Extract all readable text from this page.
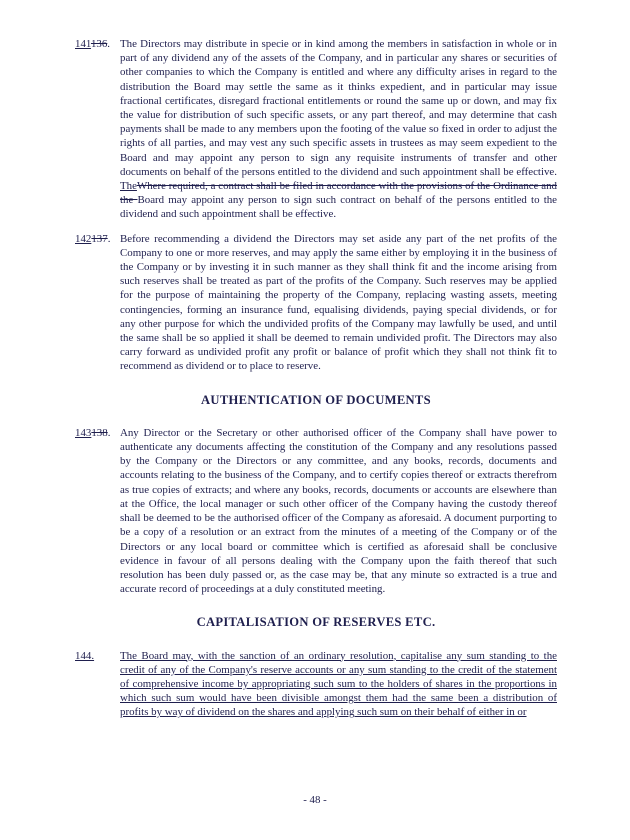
141136. The Directors may distribute in specie or in kind among the members in satisfaction in whole or in part of any dividend any of the assets of the Company, and in particular any shares or securities of other companies to which the Company is entitled and where any difficulty arises in regard to the distribution the Board may settle the same as it thinks expedient, and in particular may issue fractional certificates, disregard fractional entitlements or round the same up or down, and may fix the value for distribution of such specific assets, or any part thereof, and may determine that cash payments shall be made to any members upon the footing of the value so fixed in order to adjust the rights of all parties, and may vest any such specific assets in trustees as may seem expedient to the Board and may appoint any person to sign any requisite instruments of transfer and other documents on behalf of the persons entitled to the dividend and such appointment shall be effective. TheWhere required, a contract shall be filed in accordance with the provisions of the Ordinance and the Board may appoint any person to sign such contract on behalf of the persons entitled to the dividend and such appointment shall be effective.
142137. Before recommending a dividend the Directors may set aside any part of the net profits of the Company to one or more reserves, and may apply the same either by employing it in the business of the Company or by investing it in such manner as they shall think fit and the income arising from such reserves shall be treated as part of the profits of the Company. Such reserves may be applied for the purpose of maintaining the property of the Company, replacing wasting assets, meeting contingencies, forming an insurance fund, equalising dividends, paying special dividends, or for any other purpose for which the undivided profits of the Company may lawfully be used, and until the same shall be so applied it shall be deemed to remain undivided profit. The Directors may also carry forward as undivided profit any profit or balance of profit which they shall not think fit to recommend as dividend or to place to reserve.
AUTHENTICATION OF DOCUMENTS
143138. Any Director or the Secretary or other authorised officer of the Company shall have power to authenticate any documents affecting the constitution of the Company and any resolutions passed by the Company or the Directors or any committee, and any books, records, documents and accounts relating to the business of the Company, and to certify copies thereof or extracts therefrom as true copies of extracts; and where any books, records, documents or accounts are elsewhere than at the Office, the local manager or such other officer of the Company having the custody thereof shall be deemed to be the authorised officer of the Company as aforesaid. A document purporting to be a copy of a resolution or an extract from the minutes of a meeting of the Company or of the Directors or any local board or committee which is certified as aforesaid shall be conclusive evidence in favour of all persons dealing with the Company upon the faith thereof that such resolution has been duly passed or, as the case may be, that any minute so extracted is a true and accurate record of proceedings at a duly constituted meeting.
CAPITALISATION OF RESERVES ETC.
144.	The Board may, with the sanction of an ordinary resolution, capitalise any sum standing to the credit of any of the Company's reserve accounts or any sum standing to the credit of the statement of comprehensive income by appropriating such sum to the holders of shares in the proportions in which such sum would have been divisible amongst them had the same been a distribution of profits by way of dividend on the shares and applying such sum on their behalf of either in or
- 48 -
